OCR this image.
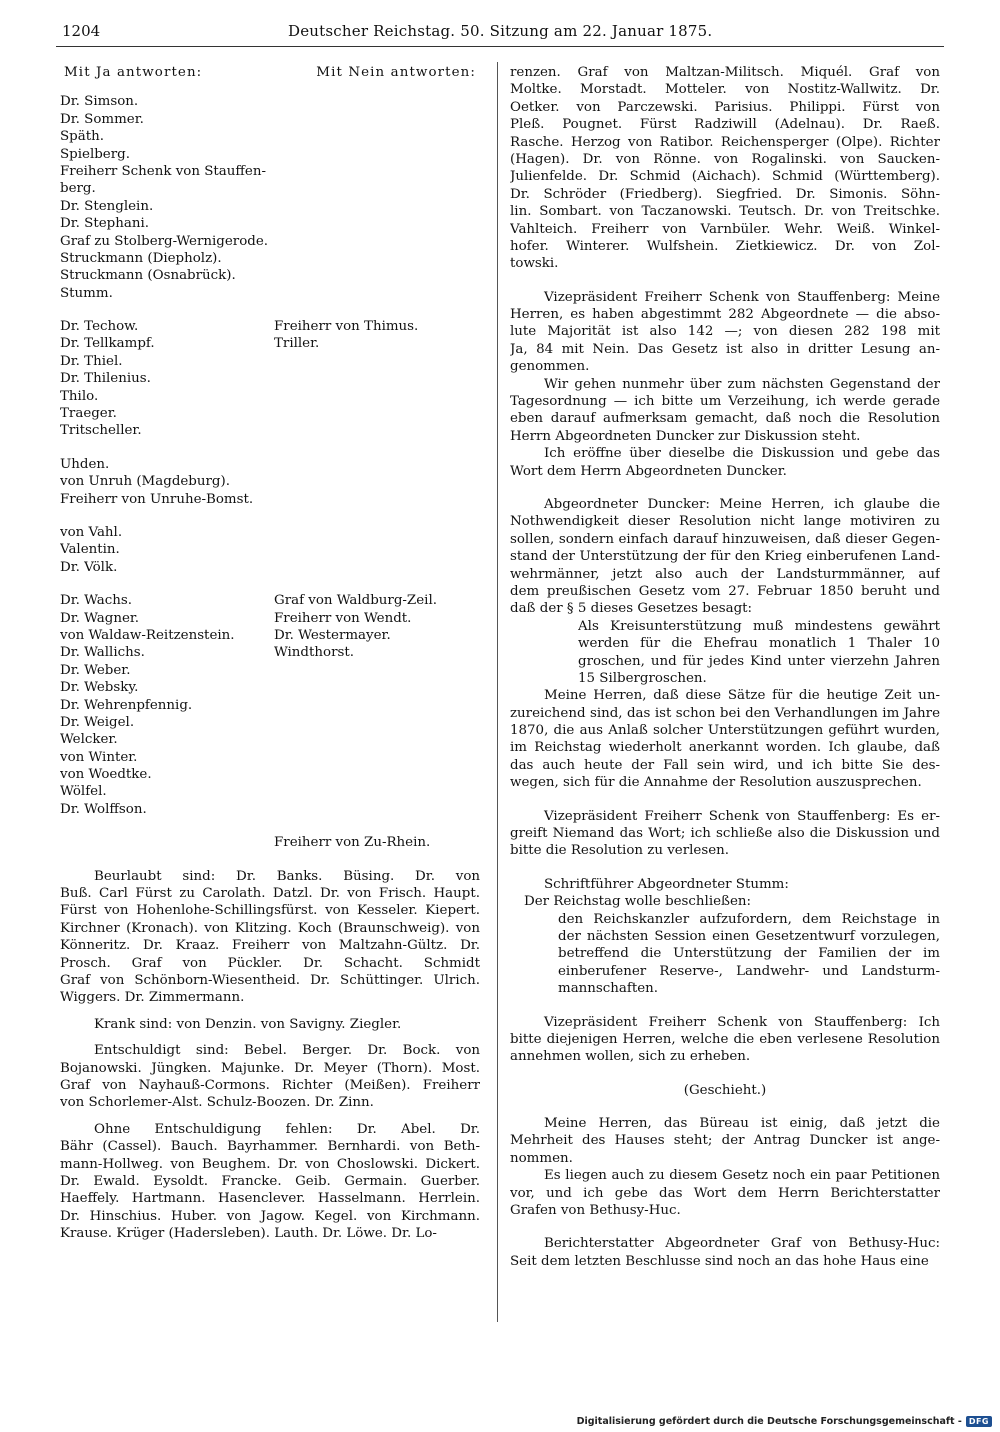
1204	Deutscher Reichstag. 50. Sitzung am 22. Januar 1875.
Mit Ja antworten:	Mit Nein antworten:
Dr. Simson.
Dr. Sommer.
Späth.
Spielberg.
Freiherr Schenk von Stauffen-
berg.
Dr. Stenglein.
Dr. Stephani.
Graf zu Stolberg-Wernigerode.
Struckmann (Diepholz).
Struckmann (Osnabrück).
Stumm.
Dr. Techow.
Dr. Tellkampf.
Dr. Thiel.
Dr. Thilenius.
Thilo.
Traeger.
Tritscheller.
Freiherr von Thimus.
Triller.
Uhden.
von Unruh (Magdeburg).
Freiherr von Unruhe-Bomst.
von Vahl.
Valentin.
Dr. Völk.
Dr. Wachs.
Dr. Wagner.
von Waldaw-Reitzenstein.
Dr. Wallichs.
Dr. Weber.
Dr. Websky.
Dr. Wehrenpfennig.
Dr. Weigel.
Welcker.
von Winter.
von Woedtke.
Wölfel.
Dr. Wolffson.
Graf von Waldburg-Zeil.
Freiherr von Wendt.
Dr. Westermayer.
Windthorst.
Freiherr von Zu-Rhein.
Beurlaubt sind: Dr. Banks. Büsing. Dr. von
Buß. Carl Fürst zu Carolath. Datzl. Dr. von Frisch. Haupt.
Fürst von Hohenlohe-Schillingsfürst. von Kesseler. Kiepert.
Kirchner (Kronach). von Klitzing. Koch (Braunschweig). von
Könneritz. Dr. Kraaz. Freiherr von Maltzahn-Gültz. Dr.
Prosch. Graf von Pückler. Dr. Schacht. Schmidt
Graf von Schönborn-Wiesentheid. Dr. Schüttinger. Ulrich.
Wiggers. Dr. Zimmermann.
Krank sind: von Denzin. von Savigny. Ziegler.
Entschuldigt sind: Bebel. Berger. Dr. Bock. von
Bojanowski. Jüngken. Majunke. Dr. Meyer (Thorn). Most.
Graf von Nayhauß-Cormons. Richter (Meißen). Freiherr
von Schorlemer-Alst. Schulz-Boozen. Dr. Zinn.
Ohne Entschuldigung fehlen: Dr. Abel. Dr.
Bähr (Cassel). Bauch. Bayrhammer. Bernhardi. von Beth-
mann-Hollweg. von Beughem. Dr. von Choslowski. Dickert.
Dr. Ewald. Eysoldt. Francke. Geib. Germain. Guerber.
Haeffely. Hartmann. Hasenclever. Hasselmann. Herrlein.
Dr. Hinschius. Huber. von Jagow. Kegel. von Kirchmann.
Krause. Krüger (Hadersleben). Lauth. Dr. Löwe. Dr. Lo-
renzen. Graf von Maltzan-Militsch. Miquél. Graf von
Moltke. Morstadt. Motteler. von Nostitz-Wallwitz. Dr.
Oetker. von Parczewski. Parisius. Philippi. Fürst von
Pleß. Pougnet. Fürst Radziwill (Adelnau). Dr. Raeß.
Rasche. Herzog von Ratibor. Reichensperger (Olpe). Richter
(Hagen). Dr. von Rönne. von Rogalinski. von Saucken-
Julienfelde. Dr. Schmid (Aichach). Schmid (Württemberg).
Dr. Schröder (Friedberg). Siegfried. Dr. Simonis. Söhn-
lin. Sombart. von Taczanowski. Teutsch. Dr. von Treitschke.
Vahlteich. Freiherr von Varnbüler. Wehr. Weiß. Winkel-
hofer. Winterer. Wulfshein. Zietkiewicz. Dr. von Zol-
towski.
Vizepräsident Freiherr Schenk von Stauffenberg: Meine
Herren, es haben abgestimmt 282 Abgeordnete — die abso-
lute Majorität ist also 142 —; von diesen 282 198 mit
Ja, 84 mit Nein. Das Gesetz ist also in dritter Lesung an-
genommen.
Wir gehen nunmehr über zum nächsten Gegenstand der
Tagesordnung — ich bitte um Verzeihung, ich werde gerade
eben darauf aufmerksam gemacht, daß noch die Resolution
Herrn Abgeordneten Duncker zur Diskussion steht.
Ich eröffne über dieselbe die Diskussion und gebe das
Wort dem Herrn Abgeordneten Duncker.
Abgeordneter Duncker: Meine Herren, ich glaube die
Nothwendigkeit dieser Resolution nicht lange motiviren zu
sollen, sondern einfach darauf hinzuweisen, daß dieser Gegen-
stand der Unterstützung der für den Krieg einberufenen Land-
wehrmänner, jetzt also auch der Landsturmmänner, auf
dem preußischen Gesetz vom 27. Februar 1850 beruht und
daß der § 5 dieses Gesetzes besagt:
Als Kreisunterstützung muß mindestens gewährt
werden für die Ehefrau monatlich 1 Thaler 10
groschen, und für jedes Kind unter vierzehn Jahren
15 Silbergroschen.
Meine Herren, daß diese Sätze für die heutige Zeit un-
zureichend sind, das ist schon bei den Verhandlungen im Jahre
1870, die aus Anlaß solcher Unterstützungen geführt wurden,
im Reichstag wiederholt anerkannt worden. Ich glaube, daß
das auch heute der Fall sein wird, und ich bitte Sie des-
wegen, sich für die Annahme der Resolution auszusprechen.
Vizepräsident Freiherr Schenk von Stauffenberg: Es er-
greift Niemand das Wort; ich schließe also die Diskussion und
bitte die Resolution zu verlesen.
Schriftführer Abgeordneter Stumm:
Der Reichstag wolle beschließen:
den Reichskanzler aufzufordern, dem Reichstage in
der nächsten Session einen Gesetzentwurf vorzulegen,
betreffend die Unterstützung der Familien der im
einberufener Reserve-, Landwehr- und Landsturm-
mannschaften.
Vizepräsident Freiherr Schenk von Stauffenberg: Ich
bitte diejenigen Herren, welche die eben verlesene Resolution
annehmen wollen, sich zu erheben.
(Geschieht.)
Meine Herren, das Büreau ist einig, daß jetzt die
Mehrheit des Hauses steht; der Antrag Duncker ist ange-
nommen.
Es liegen auch zu diesem Gesetz noch ein paar Petitionen
vor, und ich gebe das Wort dem Herrn Berichterstatter
Grafen von Bethusy-Huc.
Berichterstatter Abgeordneter Graf von Bethusy-Huc:
Seit dem letzten Beschlusse sind noch an das hohe Haus eine
Digitalisierung gefördert durch die Deutsche Forschungsgemeinschaft - DFG
